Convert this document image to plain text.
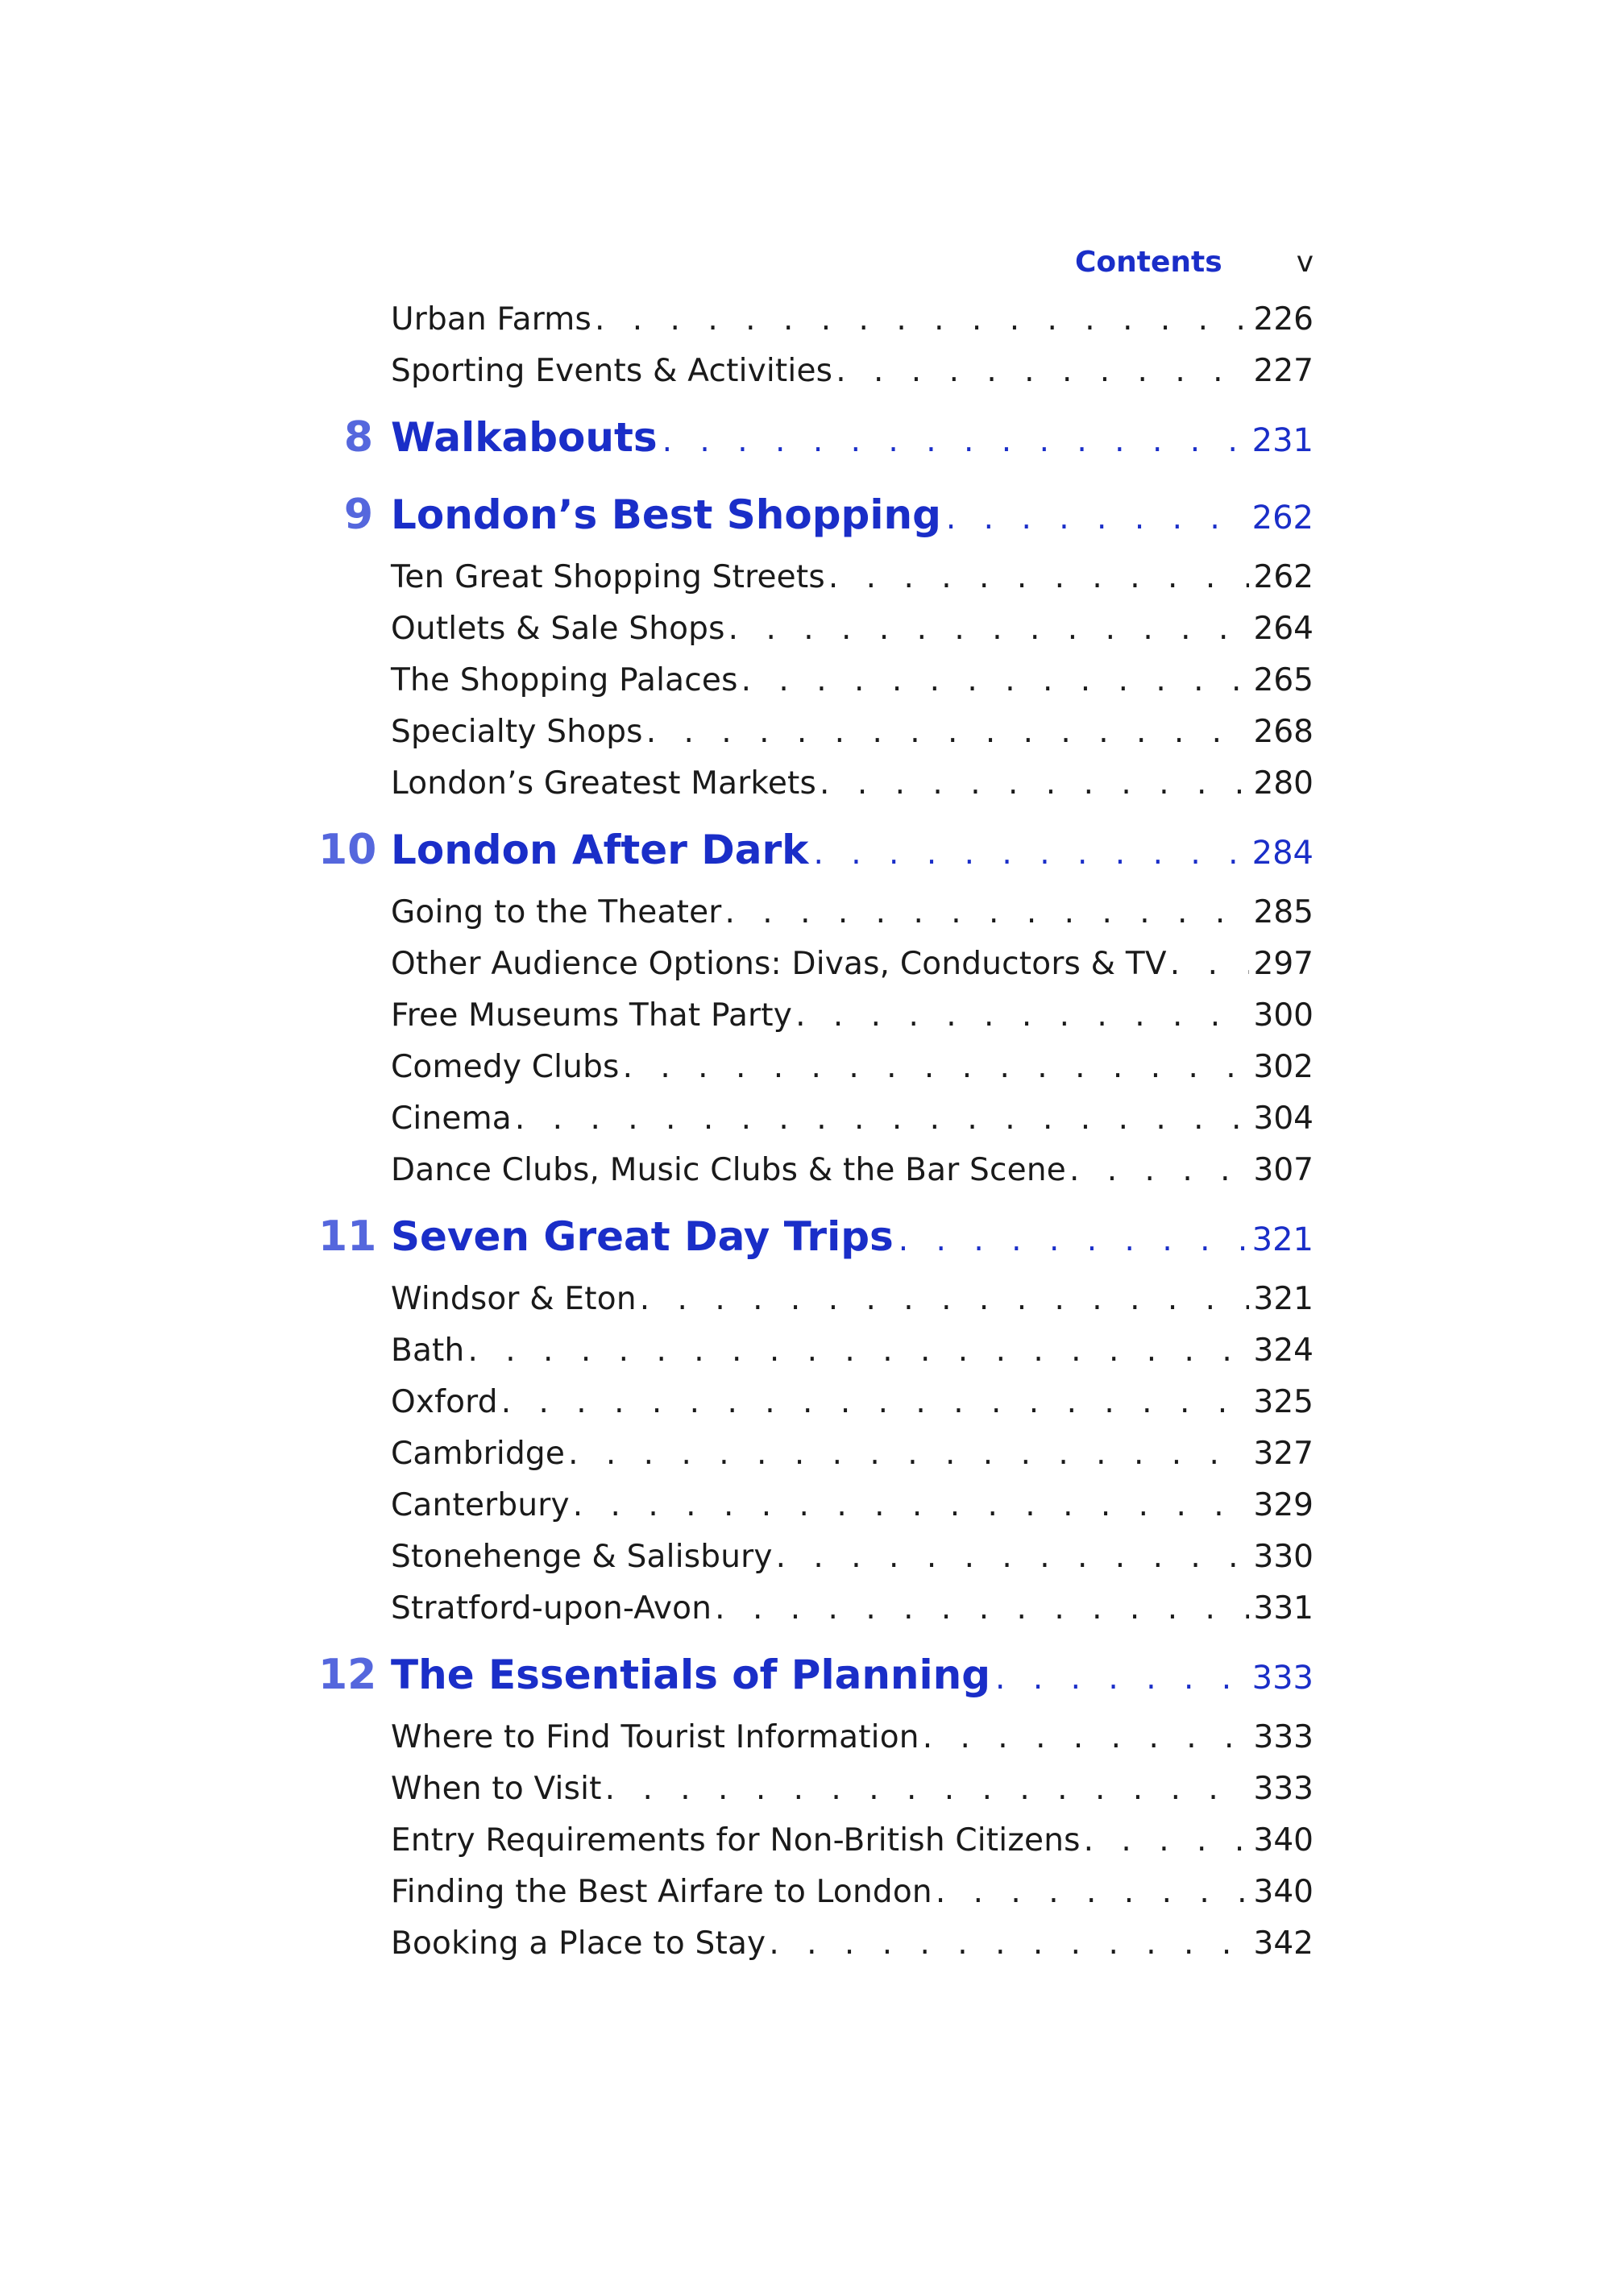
Contents	v
Urban Farms . . .	226
Sporting Events & Activities . . .	227
8 Walkabouts . . .	231
9 London’s Best Shopping . . .	262
Ten Great Shopping Streets . . .	262
Outlets & Sale Shops . . .	264
The Shopping Palaces . . .	265
Specialty Shops . . .	268
London’s Greatest Markets . . .	280
10 London After Dark . . .	284
Going to the Theater . . .	285
Other Audience Options: Divas, Conductors & TV . . .	297
Free Museums That Party . . .	300
Comedy Clubs . . .	302
Cinema . . .	304
Dance Clubs, Music Clubs & the Bar Scene . . .	307
11 Seven Great Day Trips . . .	321
Windsor & Eton . . .	321
Bath . . .	324
Oxford . . .	325
Cambridge . . .	327
Canterbury . . .	329
Stonehenge & Salisbury . . .	330
Stratford-upon-Avon . . .	331
12 The Essentials of Planning . . .	333
Where to Find Tourist Information . . .	333
When to Visit . . .	333
Entry Requirements for Non-British Citizens . . .	340
Finding the Best Airfare to London . . .	340
Booking a Place to Stay . . .	342
